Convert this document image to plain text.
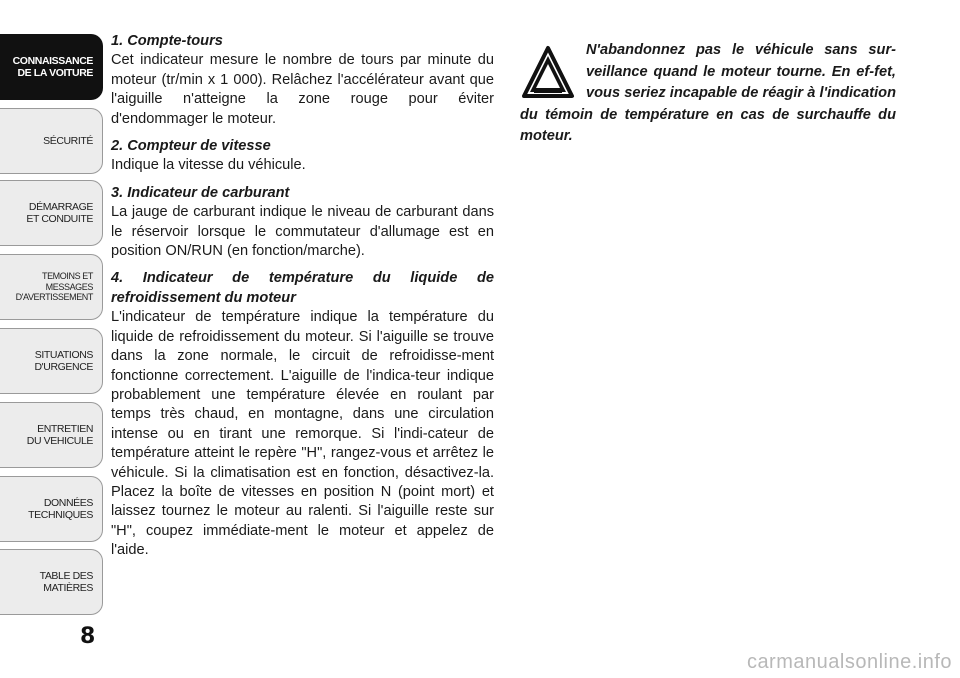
CONNAISSANCE
DE LA VOITURE
SÉCURITÉ
DÉMARRAGE
ET CONDUITE
TEMOINS ET
MESSAGES
D'AVERTISSEMENT
SITUATIONS
D'URGENCE
ENTRETIEN
DU VEHICULE
DONNÉES
TECHNIQUES
TABLE DES
MATIÈRES
8
1. Compte-tours

Cet indicateur mesure le nombre de tours par minute du moteur (tr/min x 1 000). Relâchez l'accélérateur avant que l'aiguille n'atteigne la zone rouge pour éviter d'endommager le moteur.

2. Compteur de vitesse

Indique la vitesse du véhicule.

3. Indicateur de carburant

La jauge de carburant indique le niveau de carburant dans le réservoir lorsque le commutateur d'allumage est en position ON/RUN (en fonction/marche).

4. Indicateur de température du liquide de refroidissement du moteur

L'indicateur de température indique la température du liquide de refroidissement du moteur. Si l'aiguille se trouve dans la zone normale, le circuit de refroidisse-ment fonctionne correctement. L'aiguille de l'indica-teur indique probablement une température élevée en roulant par temps très chaud, en montagne, dans une circulation intense ou en tirant une remorque. Si l'indi-cateur de température atteint le repère "H", rangez-vous et arrêtez le véhicule. Si la climatisation est en fonction, désactivez-la. Placez la boîte de vitesses en position N (point mort) et laissez tournez le moteur au ralenti. Si l'aiguille reste sur "H", coupez immédiate-ment le moteur et appelez de l'aide.

N'abandonnez pas le véhicule sans sur-veillance quand le moteur tourne. En ef-fet, vous seriez incapable de réagir à l'indication du témoin de température en cas de surchauffe du moteur.
carmanualsonline.info
